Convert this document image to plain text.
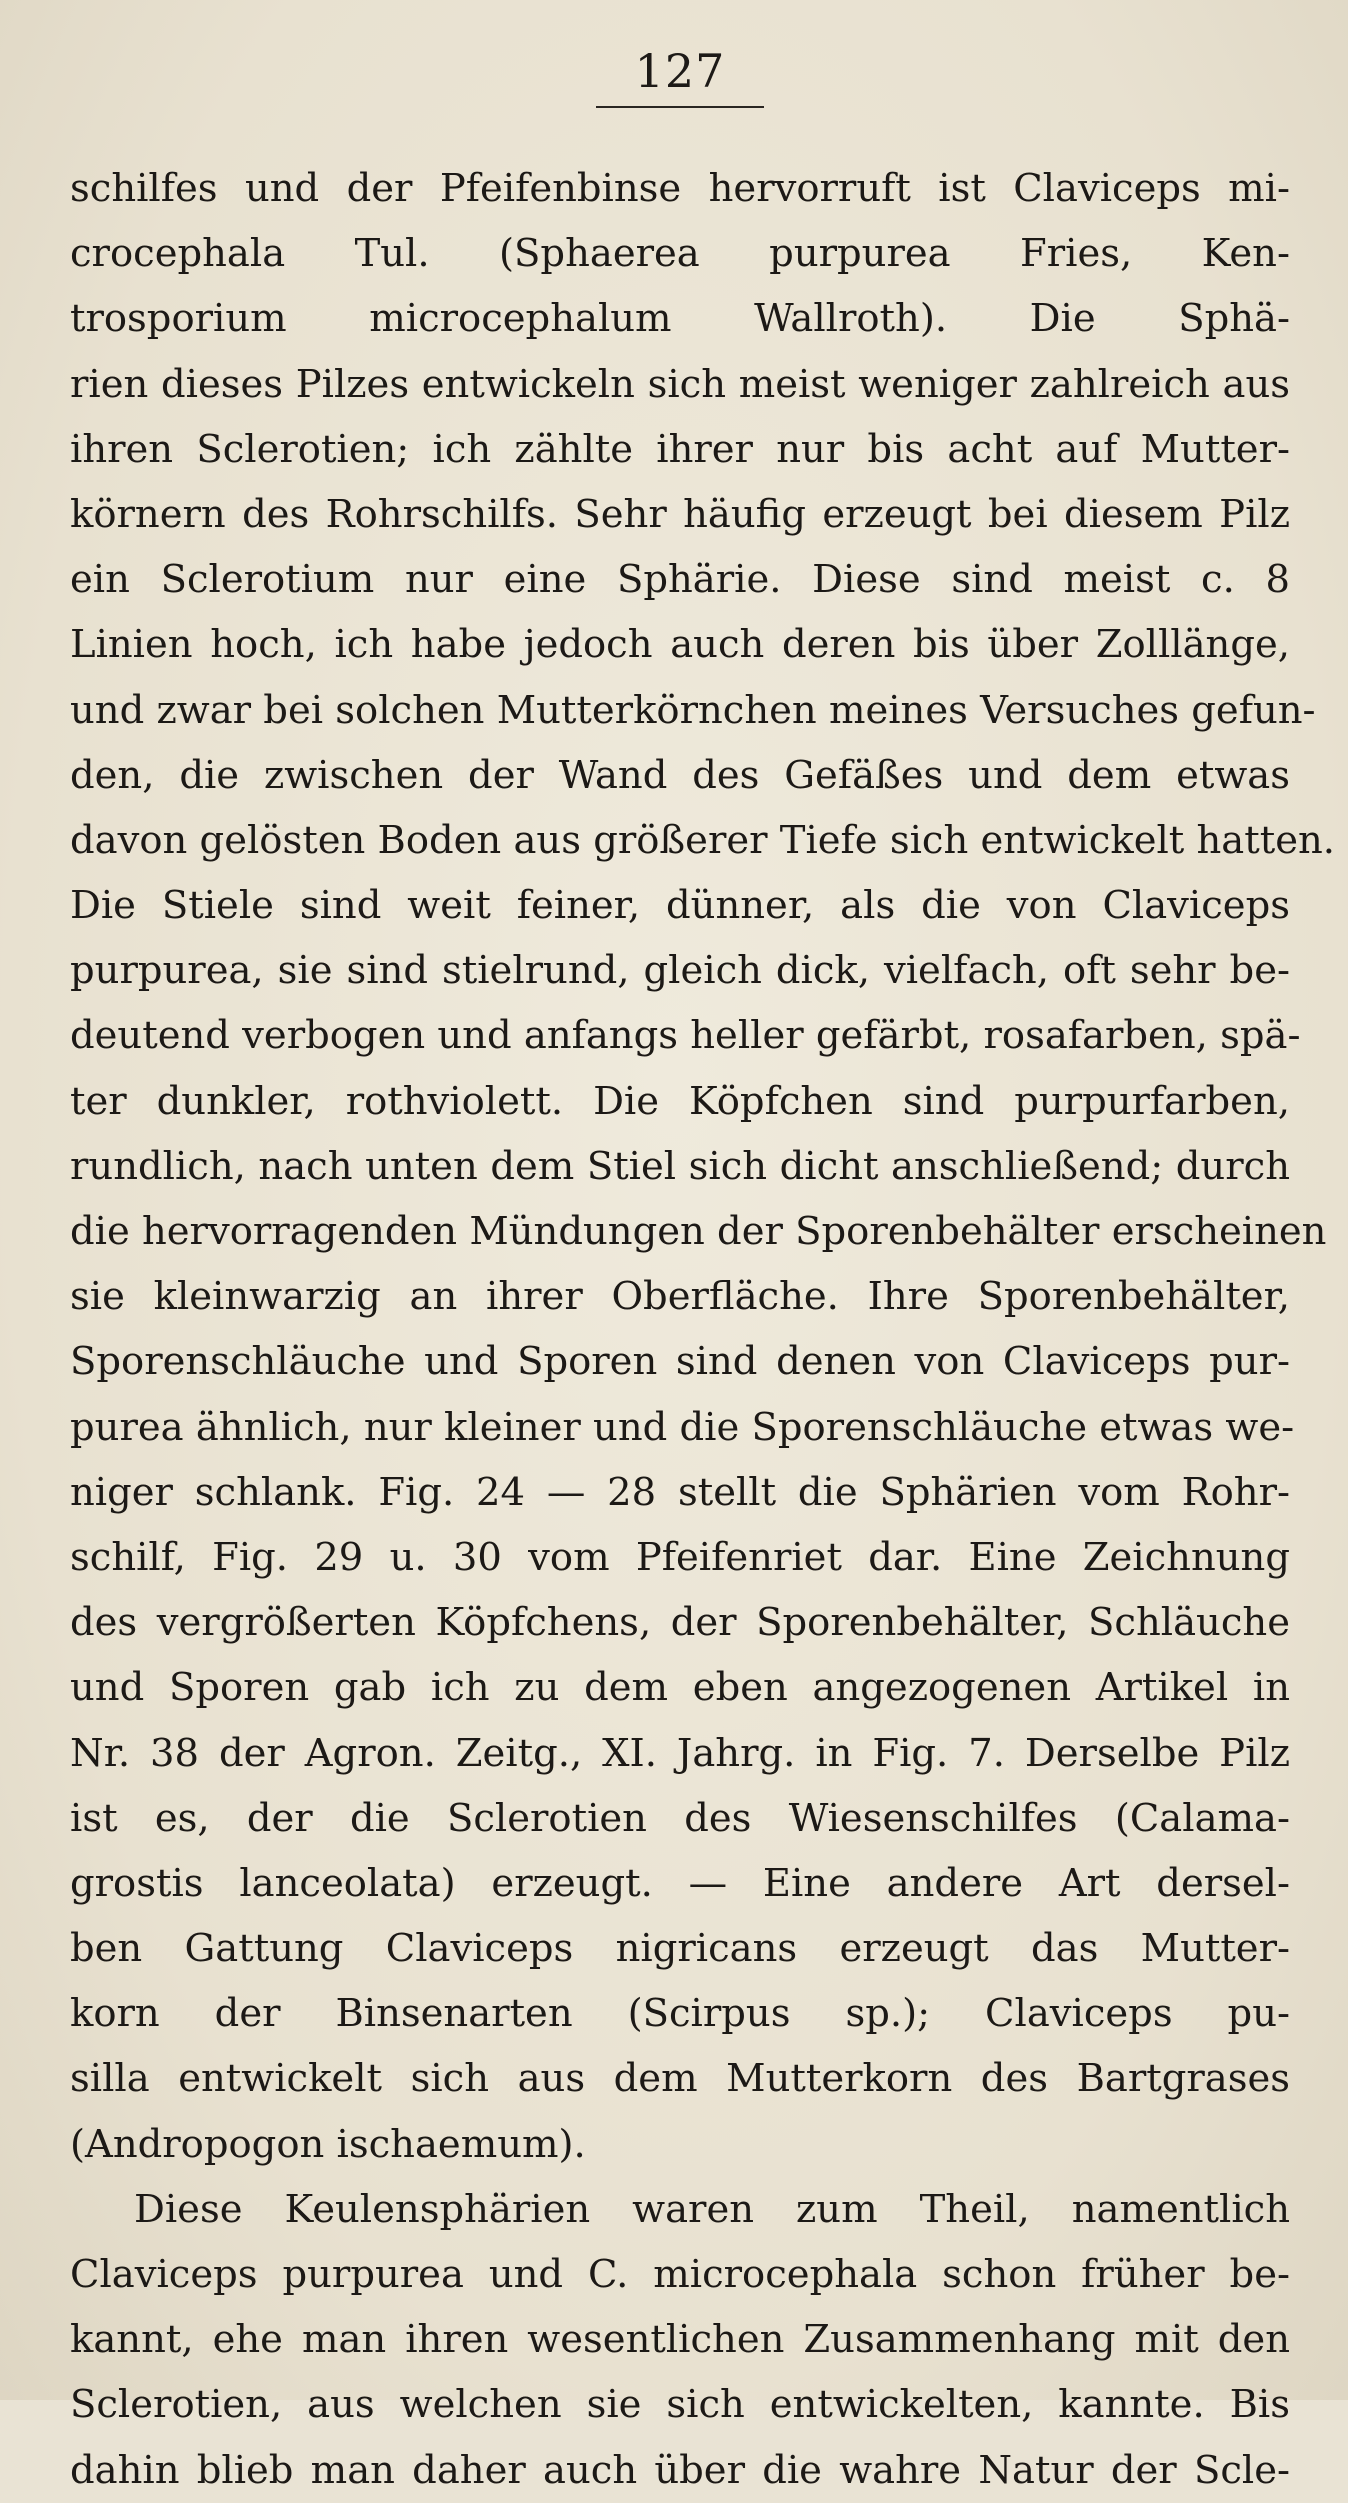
127
schilfes und der Pfeifenbinse hervorruft ist Claviceps mi-
crocephala Tul. (Sphaerea purpurea Fries, Ken-
trosporium microcephalum Wallroth). Die Sphä-
rien dieses Pilzes entwickeln sich meist weniger zahlreich aus
ihren Sclerotien; ich zählte ihrer nur bis acht auf Mutter-
körnern des Rohrschilfs. Sehr häufig erzeugt bei diesem Pilz
ein Sclerotium nur eine Sphärie. Diese sind meist c. 8
Linien hoch, ich habe jedoch auch deren bis über Zolllänge,
und zwar bei solchen Mutterkörnchen meines Versuches gefun-
den, die zwischen der Wand des Gefäßes und dem etwas
davon gelösten Boden aus größerer Tiefe sich entwickelt hatten.
Die Stiele sind weit feiner, dünner, als die von Claviceps
purpurea, sie sind stielrund, gleich dick, vielfach, oft sehr be-
deutend verbogen und anfangs heller gefärbt, rosafarben, spä-
ter dunkler, rothviolett. Die Köpfchen sind purpurfarben,
rundlich, nach unten dem Stiel sich dicht anschließend; durch
die hervorragenden Mündungen der Sporenbehälter erscheinen
sie kleinwarzig an ihrer Oberfläche. Ihre Sporenbehälter,
Sporenschläuche und Sporen sind denen von Claviceps pur-
purea ähnlich, nur kleiner und die Sporenschläuche etwas we-
niger schlank. Fig. 24 — 28 stellt die Sphärien vom Rohr-
schilf, Fig. 29 u. 30 vom Pfeifenriet dar. Eine Zeichnung
des vergrößerten Köpfchens, der Sporenbehälter, Schläuche
und Sporen gab ich zu dem eben angezogenen Artikel in
Nr. 38 der Agron. Zeitg., XI. Jahrg. in Fig. 7. Derselbe Pilz
ist es, der die Sclerotien des Wiesenschilfes (Calama-
grostis lanceolata) erzeugt. — Eine andere Art dersel-
ben Gattung Claviceps nigricans erzeugt das Mutter-
korn der Binsenarten (Scirpus sp.); Claviceps pu-
silla entwickelt sich aus dem Mutterkorn des Bartgrases
(Andropogon ischaemum).
Diese Keulensphärien waren zum Theil, namentlich
Claviceps purpurea und C. microcephala schon früher be-
kannt, ehe man ihren wesentlichen Zusammenhang mit den
Sclerotien, aus welchen sie sich entwickelten, kannte. Bis
dahin blieb man daher auch über die wahre Natur der Scle-
